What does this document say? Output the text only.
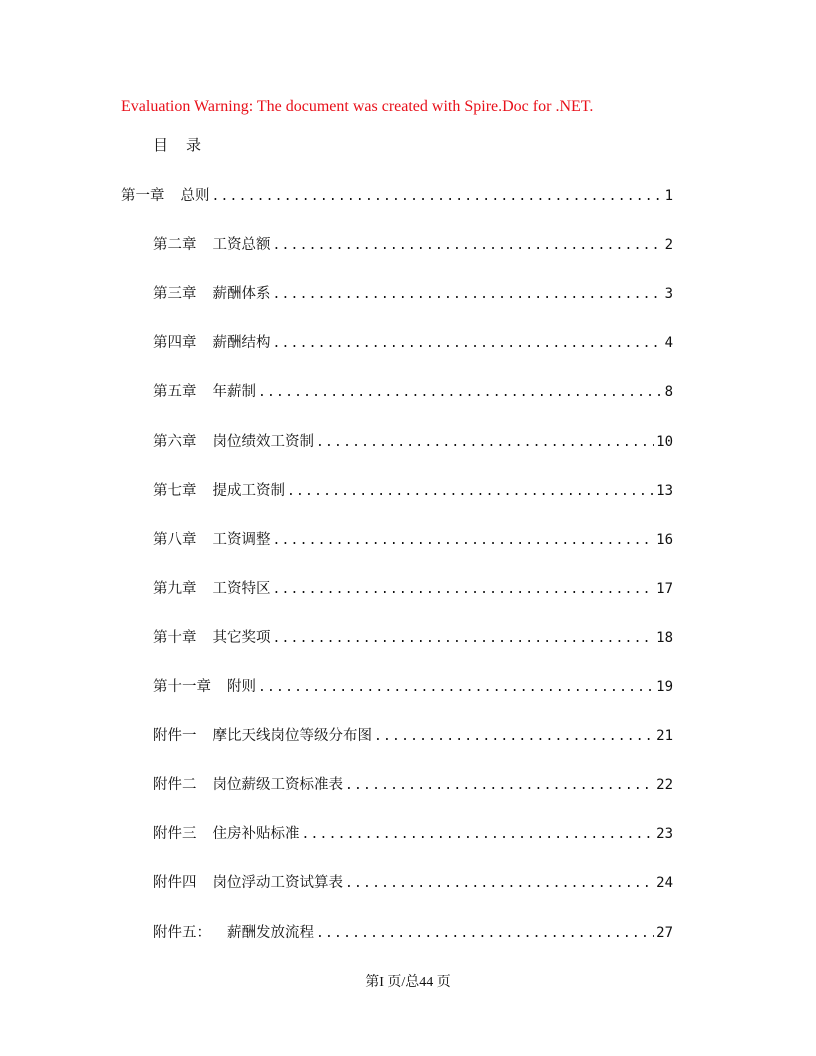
Evaluation Warning: The document was created with Spire.Doc for .NET.
目 录
第一章 总则 .....	1
第二章 工资总额 .....	2
第三章 薪酬体系 .....	3
第四章 薪酬结构 .....	4
第五章 年薪制 .....	8
第六章 岗位绩效工资制 .....	10
第七章 提成工资制 .....	13
第八章 工资调整 .....	16
第九章 工资特区 .....	17
第十章 其它奖项 .....	18
第十一章 附则 .....	19
附件一 摩比天线岗位等级分布图 .....	21
附件二 岗位薪级工资标准表 .....	22
附件三 住房补贴标准 .....	23
附件四 岗位浮动工资试算表 .....	24
附件五： 薪酬发放流程 .....	27
第I 页/总44 页
